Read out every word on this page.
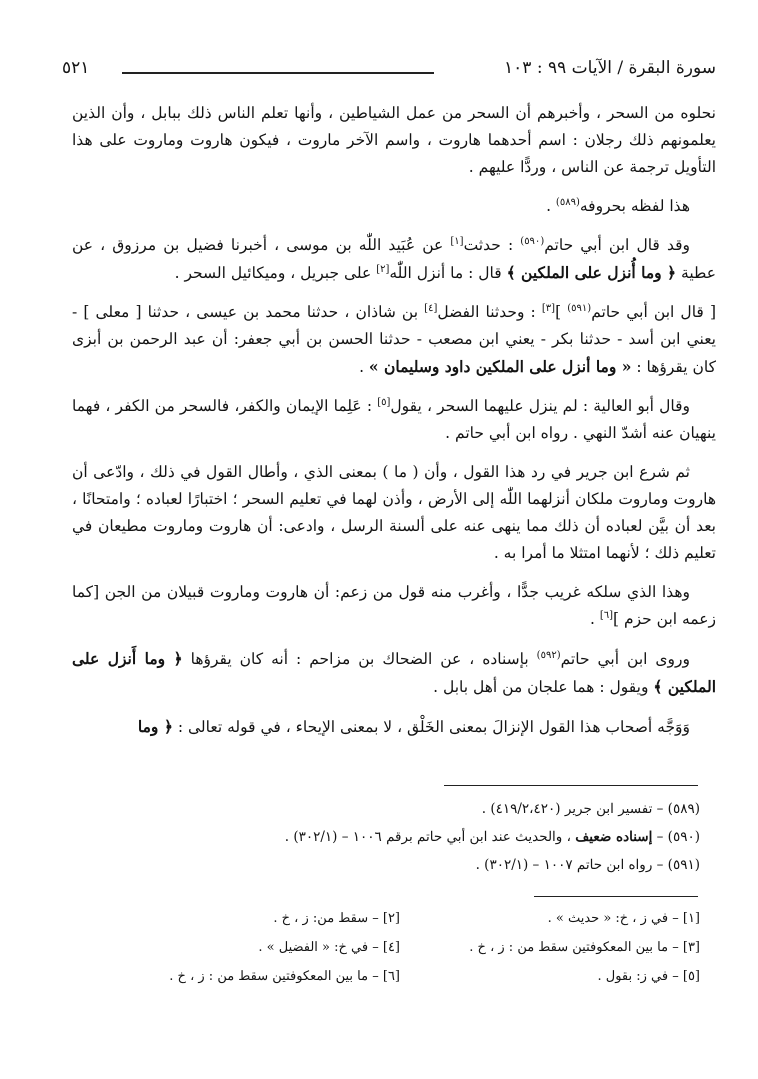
سورة البقرة / الآيات ٩٩ : ١٠٣
٥٢١

نحلوه من السحر ، وأخبرهم أن السحر من عمل الشياطين ، وأنها تعلم الناس ذلك ببابل ، وأن الذين يعلمونهم ذلك رجلان : اسم أحدهما هاروت ، واسم الآخر ماروت ، فيكون هاروت وماروت على هذا التأويل ترجمة عن الناس ، وردًّا عليهم .

هذا لفظه بحروفه$^{(٥٨٩)}$ .

وقد قال ابن أبي حاتم$^{(٥٩٠)}$ : حدثت[١] عن عُبَيد اللّٰه بن موسى ، أخبرنا فضيل بن مرزوق ، عن عطية ﴿ وما أُنزل على الملكين ﴾ قال : ما أنزل اللّٰه[٢] على جبريل ، وميكائيل السحر .

[ قال ابن أبي حاتم$^{(٥٩١)}$ ][٣] : وحدثنا الفضل[٤] بن شاذان ، حدثنا محمد بن عيسى ، حدثنا [ معلى ] - يعني ابن أسد - حدثنا بكر - يعني ابن مصعب - حدثنا الحسن بن أبي جعفر: أن عبد الرحمن بن أبزى كان يقرؤها : « وما أنزل على الملكين داود وسليمان » .

وقال أبو العالية : لم ينزل عليهما السحر ، يقول[٥] : عَلِما الإيمان والكفر، فالسحر من الكفر ، فهما ينهيان عنه أشدّ النهي . رواه ابن أبي حاتم .

ثم شرع ابن جرير في رد هذا القول ، وأن ( ما ) بمعنى الذي ، وأطال القول في ذلك ، وادّعى أن هاروت وماروت ملكان أنزلهما اللّٰه إلى الأرض ، وأذن لهما في تعليم السحر ؛ اختبارًا لعباده ؛ وامتحانًا ، بعد أن بيَّن لعباده أن ذلك مما ينهى عنه على ألسنة الرسل ، وادعى: أن هاروت وماروت مطيعان في تعليم ذلك ؛ لأنهما امتثلا ما أمرا به .

وهذا الذي سلكه غريب جدًّا ، وأغرب منه قول من زعم: أن هاروت وماروت قبيلان من الجن [كما زعمه ابن حزم ][٦] .

وروى ابن أبي حاتم$^{(٥٩٢)}$ بإسناده ، عن الضحاك بن مزاحم : أنه كان يقرؤها ﴿ وما أَنزل على الملكين ﴾ ويقول : هما علجان من أهل بابل .

وَوَجَّه أصحاب هذا القول الإنزالَ بمعنى الخَلْق ، لا بمعنى الإيحاء ، في قوله تعالى : ﴿ وما

(٥٨٩) – تفسير ابن جرير (٤١٩/٢،٤٢٠) .

(٥٩٠) – إسناده ضعيف ، والحديث عند ابن أبي حاتم برقم ١٠٠٦ – (٣٠٢/١) .

(٥٩١) – رواه ابن حاتم ١٠٠٧ – (٣٠٢/١) .

[١] – في ز ، خ: « حديث » .
[٢] – سقط من: ز ، خ .
[٣] – ما بين المعكوفتين سقط من : ز ، خ .
[٤] – في خ: « الفضيل » .
[٥] – في ز: بقول .
[٦] – ما بين المعكوفتين سقط من : ز ، خ .
